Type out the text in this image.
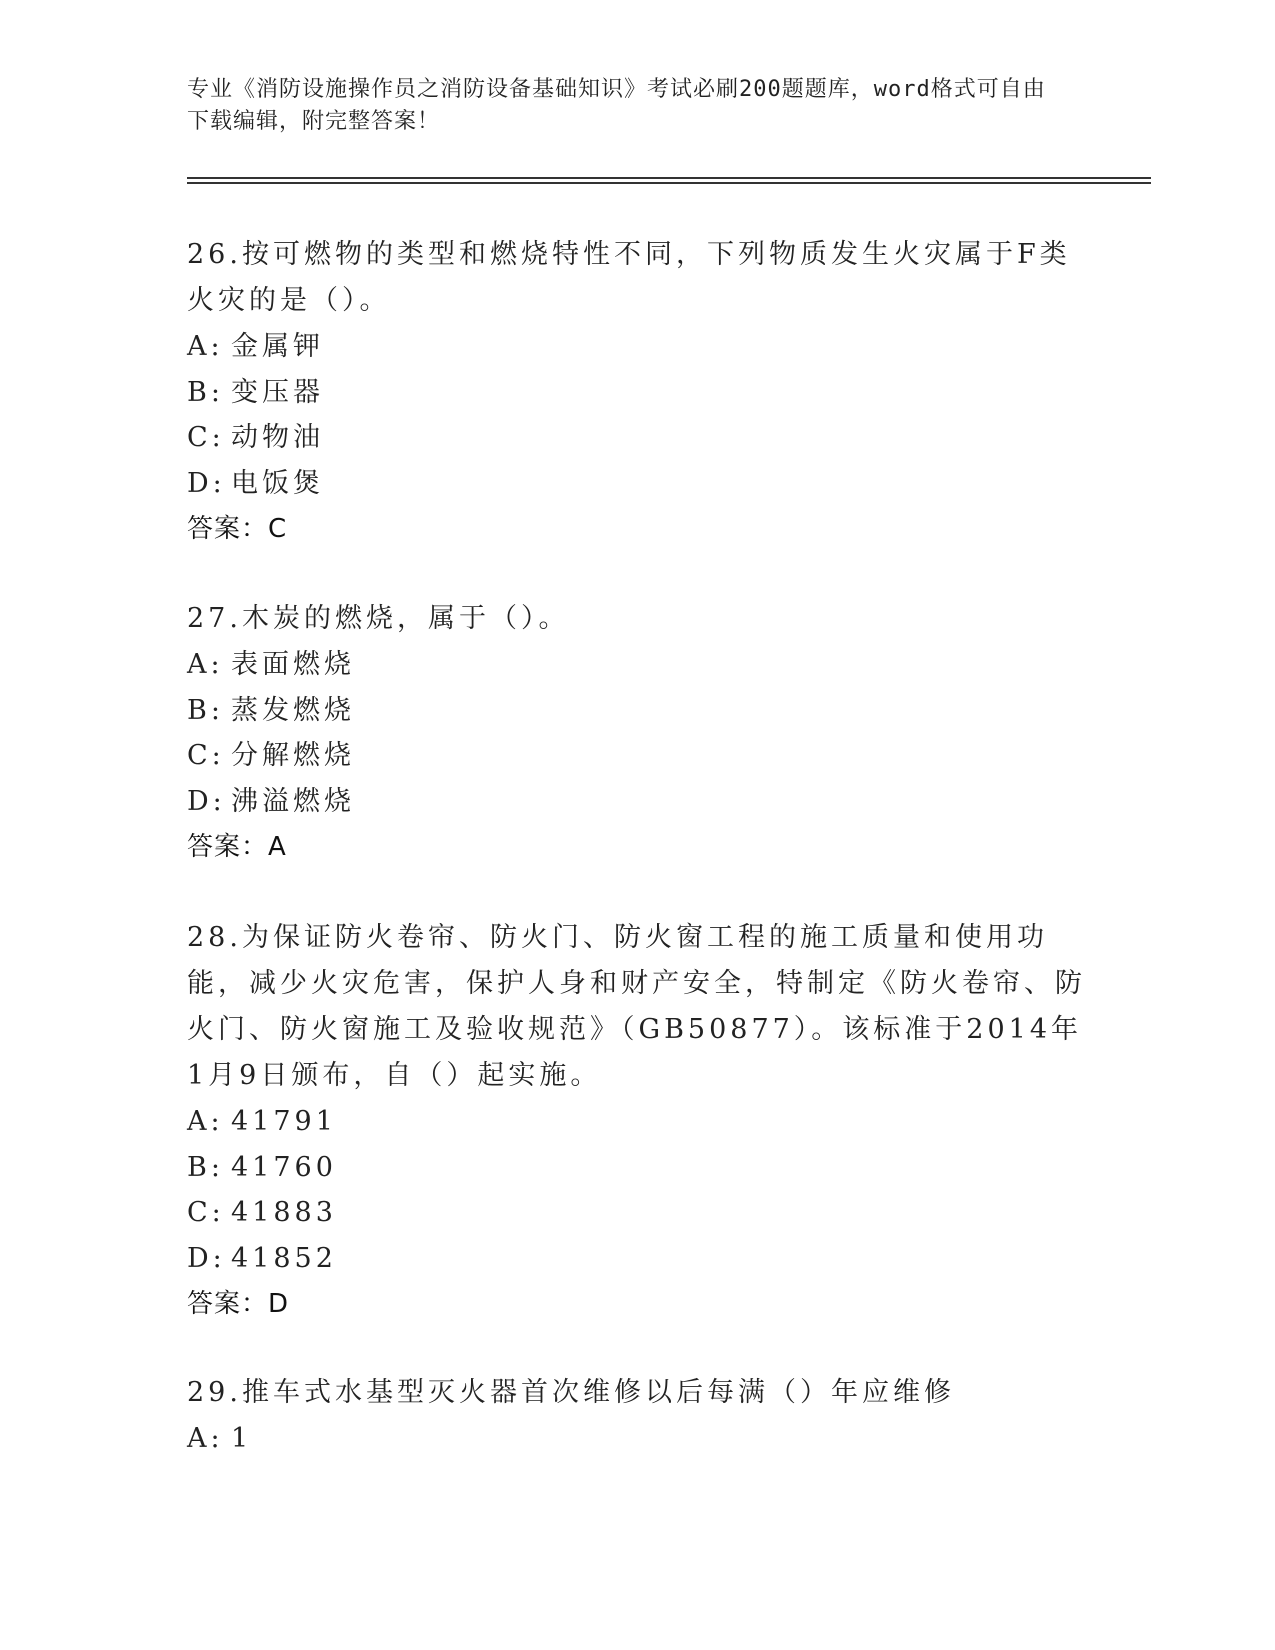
专业《消防设施操作员之消防设备基础知识》考试必刷200题题库，word格式可自由下载编辑，附完整答案！
26.按可燃物的类型和燃烧特性不同，下列物质发生火灾属于F类火灾的是（）。
A: 金属钾
B: 变压器
C: 动物油
D: 电饭煲
答案：C
27.木炭的燃烧，属于（）。
A: 表面燃烧
B: 蒸发燃烧
C: 分解燃烧
D: 沸溢燃烧
答案：A
28.为保证防火卷帘、防火门、防火窗工程的施工质量和使用功能，减少火灾危害，保护人身和财产安全，特制定《防火卷帘、防火门、防火窗施工及验收规范》（GB50877）。该标准于2014年1月9日颁布，自（）起实施。
A: 41791
B: 41760
C: 41883
D: 41852
答案：D
29.推车式水基型灭火器首次维修以后每满（）年应维修
A: 1
